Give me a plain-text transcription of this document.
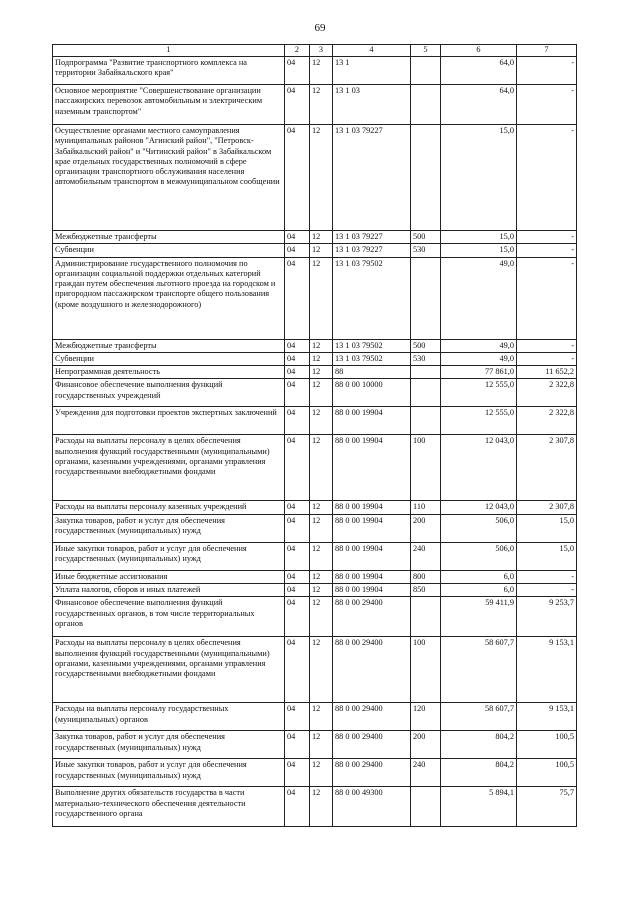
69
1	2	3	4	5	6	7
Подпрограмма "Развитие транспортного комплекса на территории Забайкальского края"	04	12	13 1		64,0	-
Основное мероприятие "Совершенствование организации пассажирских перевозок автомобильным и электрическим наземным транспортом"	04	12	13 1 03		64,0	-
Осуществление органами местного самоуправления муниципальных районов "Агинский район", "Петровск-Забайкальский район" и "Читинский район" в Забайкальском крае отдельных государственных полномочий в сфере организации транспортного обслуживания населения автомобильным транспортом в межмуниципальном сообщении	04	12	13 1 03 79227		15,0	-
Межбюджетные трансферты	04	12	13 1 03 79227	500	15,0	-
Субвенции	04	12	13 1 03 79227	530	15,0	-
Администрирование государственного полномочия по организации социальной поддержки отдельных категорий граждан путем обеспечения льготного проезда на городском и пригородном пассажирском транспорте общего пользования (кроме воздушного и железнодорожного)	04	12	13 1 03 79502		49,0	-
Межбюджетные трансферты	04	12	13 1 03 79502	500	49,0	-
Субвенции	04	12	13 1 03 79502	530	49,0	-
Непрограммная деятельность	04	12	88		77 861,0	11 652,2
Финансовое обеспечение выполнения функций государственных учреждений	04	12	88 0 00 10000		12 555,0	2 322,8
Учреждения для подготовки проектов экспертных заключений	04	12	88 0 00 19904		12 555,0	2 322,8
Расходы на выплаты персоналу в целях обеспечения выполнения функций государственными (муниципальными) органами, казенными учреждениями, органами управления государственными внебюджетными фондами	04	12	88 0 00 19904	100	12 043,0	2 307,8
Расходы на выплаты персоналу казенных учреждений	04	12	88 0 00 19904	110	12 043,0	2 307,8
Закупка товаров, работ и услуг для обеспечения государственных (муниципальных) нужд	04	12	88 0 00 19904	200	506,0	15,0
Иные закупки товаров, работ и услуг для обеспечения государственных (муниципальных) нужд	04	12	88 0 00 19904	240	506,0	15,0
Иные бюджетные ассигнования	04	12	88 0 00 19904	800	6,0	-
Уплата налогов, сборов и иных платежей	04	12	88 0 00 19904	850	6,0	-
Финансовое обеспечение выполнения функций государственных органов, в том числе территориальных органов	04	12	88 0 00 29400		59 411,9	9 253,7
Расходы на выплаты персоналу в целях обеспечения выполнения функций государственными (муниципальными) органами, казенными учреждениями, органами управления государственными внебюджетными фондами	04	12	88 0 00 29400	100	58 607,7	9 153,1
Расходы на выплаты персоналу государственных (муниципальных) органов	04	12	88 0 00 29400	120	58 607,7	9 153,1
Закупка товаров, работ и услуг для обеспечения государственных (муниципальных) нужд	04	12	88 0 00 29400	200	804,2	100,5
Иные закупки товаров, работ и услуг для обеспечения государственных (муниципальных) нужд	04	12	88 0 00 29400	240	804,2	100,5
Выполнение других обязательств государства в части материально-технического обеспечения деятельности государственного органа	04	12	88 0 00 49300		5 894,1	75,7
